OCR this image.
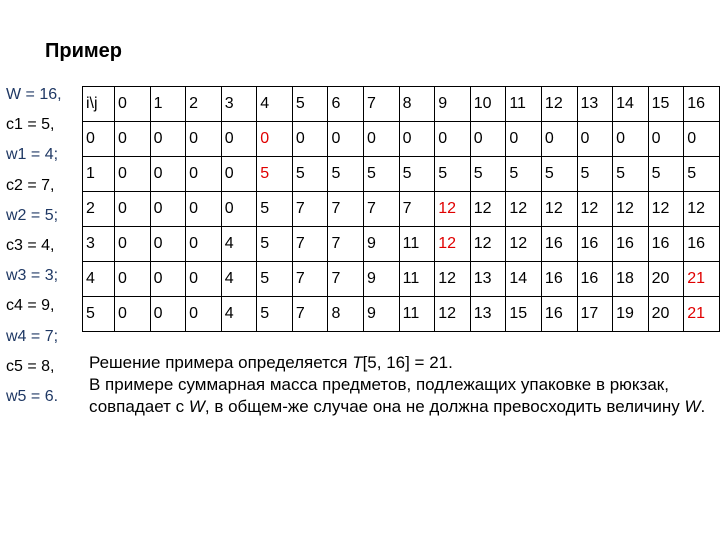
Пример
W = 16,
c1 = 5,
w1 = 4;
c2 = 7,
w2 = 5;
c3 = 4,
w3 = 3;
c4 = 9,
w4 = 7;
c5 = 8,
w5 = 6.
i\j	0	1	2	3	4	5	6	7	8	9	10	11	12	13	14	15	16
0	0	0	0	0	0	0	0	0	0	0	0	0	0	0	0	0	0
1	0	0	0	0	5	5	5	5	5	5	5	5	5	5	5	5	5
2	0	0	0	0	5	7	7	7	7	12	12	12	12	12	12	12	12
3	0	0	0	4	5	7	7	9	11	12	12	12	16	16	16	16	16
4	0	0	0	4	5	7	7	9	11	12	13	14	16	16	18	20	21
5	0	0	0	4	5	7	8	9	11	12	13	15	16	17	19	20	21

Решение примера определяется T[5, 16] = 21.

В примере суммарная масса предметов, подлежащих упаковке в рюкзак, совпадает с W, в общем-же случае она не должна превосходить величину W.
